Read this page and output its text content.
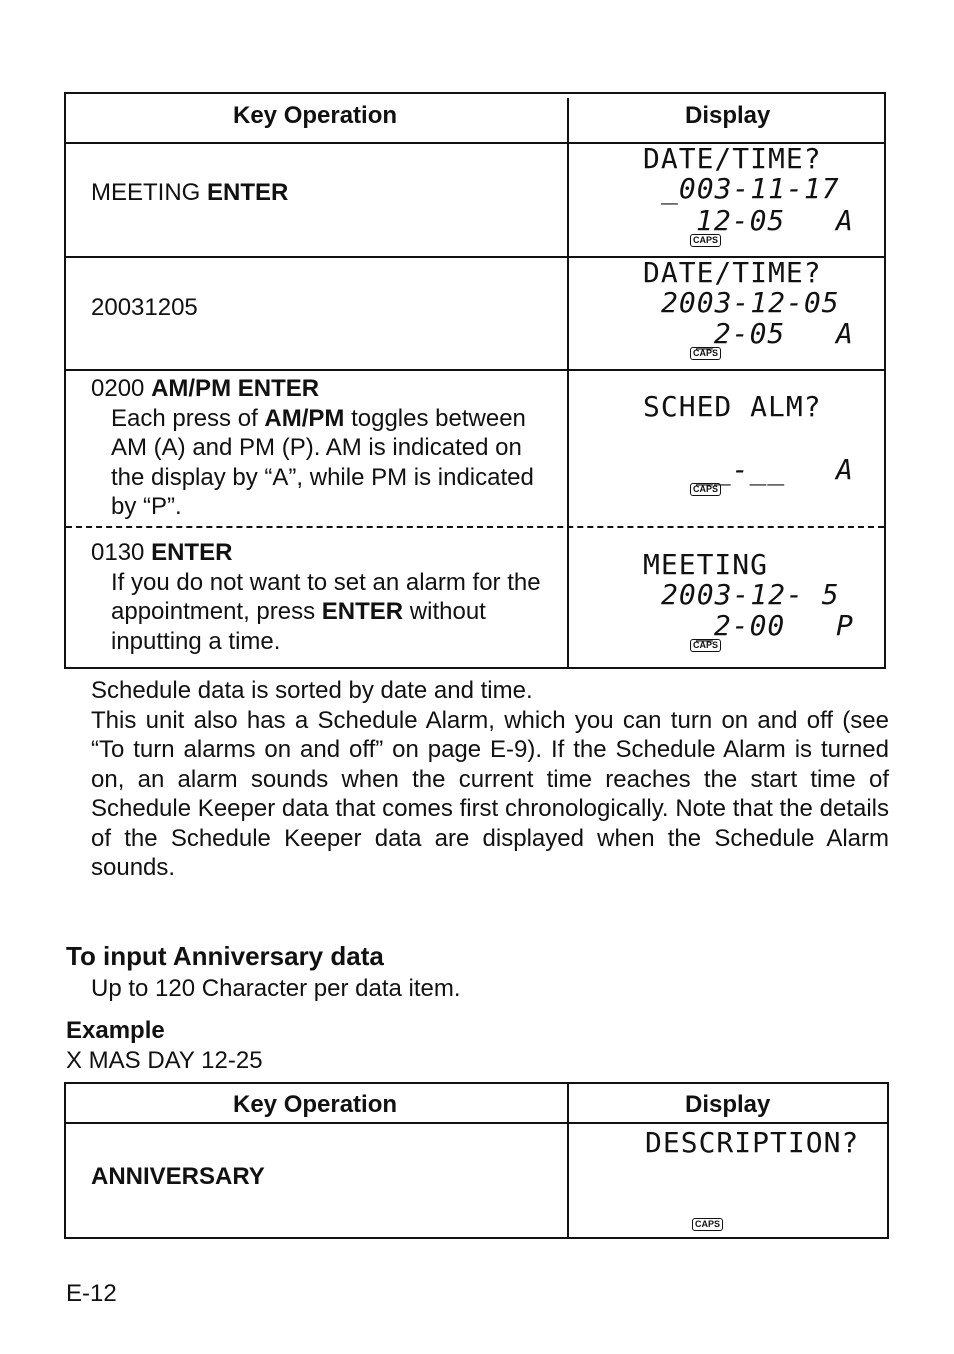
Key Operation	Display
MEETING ENTER
DATE/TIME?
_003-11-17
12-05 A
CAPS
20031205
DATE/TIME?
2003-12-05
_2-05 A
CAPS
0200 AM/PM ENTER
Each press of AM/PM toggles between AM (A) and PM (P). AM is indicated on the display by “A”, while PM is indicated by “P”.
SCHED ALM?
__-__ A
CAPS
0130 ENTER
If you do not want to set an alarm for the appointment, press ENTER without inputting a time.
MEETING
2003-12- 5
_2-00 P
CAPS

Schedule data is sorted by date and time.

This unit also has a Schedule Alarm, which you can turn on and off (see “To turn alarms on and off” on page E-9). If the Schedule Alarm is turned on, an alarm sounds when the current time reaches the start time of Schedule Keeper data that comes first chronologically. Note that the details of the Schedule Keeper data are displayed when the Schedule Alarm sounds.

To input Anniversary data
Up to 120 Character per data item.
Example
X MAS DAY 12-25
Key Operation	Display
ANNIVERSARY
DESCRIPTION?
CAPS
E-12
